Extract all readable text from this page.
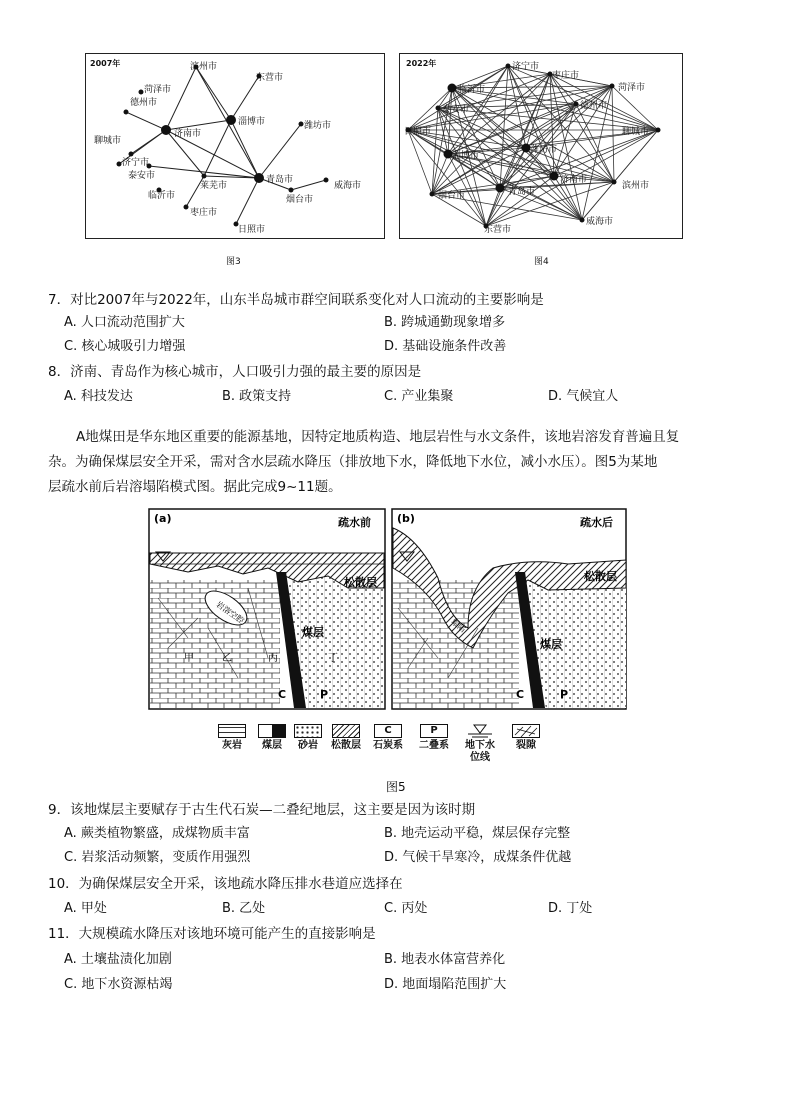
2007年	滨州市
菏泽市
德州市
东营市
聊城市
济南市
淄博市	潍坊市
济宁市
泰安市
莱芜市
青岛市
威海市
临沂市	烟台市
枣庄市
日照市
图3
2022年	济宁市
枣庄市
临沂市
泰安市	德州市
菏泽市
日照市	聊城市
淄博市
潍坊市
济南市
滨州市
烟台市	青岛市
东营市
威海市
图4
7．对比2007年与2022年，山东半岛城市群空间联系变化对人口流动的主要影响是
A. 人口流动范围扩大	B. 跨城通勤现象增多
C. 核心城吸引力增强	D. 基础设施条件改善
8．济南、青岛作为核心城市，人口吸引力强的最主要的原因是
A. 科技发达	B. 政策支持	C. 产业集聚	D. 气候宜人
A地煤田是华东地区重要的能源基地，因特定地质构造、地层岩性与水文条件，该地岩溶发育普遍且复
杂。为确保煤层安全开采，需对含水层疏水降压（排放地下水，降低地下水位，减小水压）。图5为某地
层疏水前后岩溶塌陷模式图。据此完成9~11题。
(a)	疏水前
松散层
煤层
岩溶空腔
甲	乙	丙	丁
C	P
(b)	疏水后
松散层
煤层
塌陷
C	P
灰岩	煤层	砂岩	松散层
C
石炭系
P
二叠系	地下水
位线
裂隙
图5
9．该地煤层主要赋存于古生代石炭—二叠纪地层，这主要是因为该时期
A. 蕨类植物繁盛，成煤物质丰富	B. 地壳运动平稳，煤层保存完整
C. 岩浆活动频繁，变质作用强烈	D. 气候干旱寒冷，成煤条件优越
10．为确保煤层安全开采，该地疏水降压排水巷道应选择在
A. 甲处	B. 乙处	C. 丙处	D. 丁处
11．大规模疏水降压对该地环境可能产生的直接影响是
A. 土壤盐渍化加剧	B. 地表水体富营养化
C. 地下水资源枯竭	D. 地面塌陷范围扩大
